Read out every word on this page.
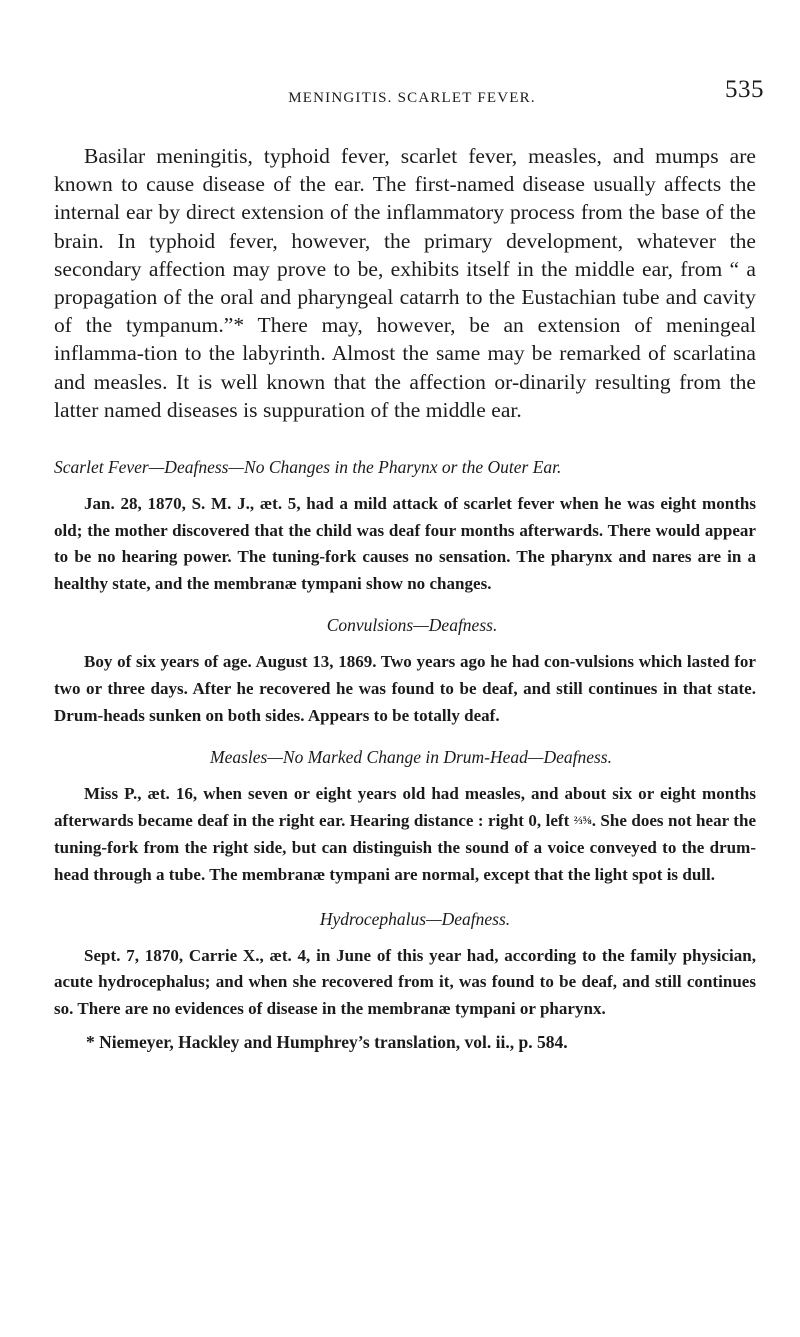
MENINGITIS. SCARLET FEVER.	535

Basilar meningitis, typhoid fever, scarlet fever, measles, and mumps are known to cause disease of the ear. The first-named disease usually affects the internal ear by direct extension of the inflammatory process from the base of the brain. In typhoid fever, however, the primary development, whatever the secondary affection may prove to be, exhibits itself in the middle ear, from “ a propagation of the oral and pharyngeal catarrh to the Eustachian tube and cavity of the tympanum.”* There may, however, be an extension of meningeal inflamma-tion to the labyrinth. Almost the same may be remarked of scarlatina and measles. It is well known that the affection or-dinarily resulting from the latter named diseases is suppuration of the middle ear.

Scarlet Fever—Deafness—No Changes in the Pharynx or the Outer Ear.

Jan. 28, 1870, S. M. J., æt. 5, had a mild attack of scarlet fever when he was eight months old; the mother discovered that the child was deaf four months afterwards. There would appear to be no hearing power. The tuning-fork causes no sensation. The pharynx and nares are in a healthy state, and the membranæ tympani show no changes.

Convulsions—Deafness.

Boy of six years of age. August 13, 1869. Two years ago he had con-vulsions which lasted for two or three days. After he recovered he was found to be deaf, and still continues in that state. Drum-heads sunken on both sides. Appears to be totally deaf.

Measles—No Marked Change in Drum-Head—Deafness.

Miss P., æt. 16, when seven or eight years old had measles, and about six or eight months afterwards became deaf in the right ear. Hearing distance : right 0, left ⅔⅝. She does not hear the tuning-fork from the right side, but can distinguish the sound of a voice conveyed to the drum-head through a tube. The membranæ tympani are normal, except that the light spot is dull.

Hydrocephalus—Deafness.

Sept. 7, 1870, Carrie X., æt. 4, in June of this year had, according to the family physician, acute hydrocephalus; and when she recovered from it, was found to be deaf, and still continues so. There are no evidences of disease in the membranæ tympani or pharynx.

* Niemeyer, Hackley and Humphrey’s translation, vol. ii., p. 584.
